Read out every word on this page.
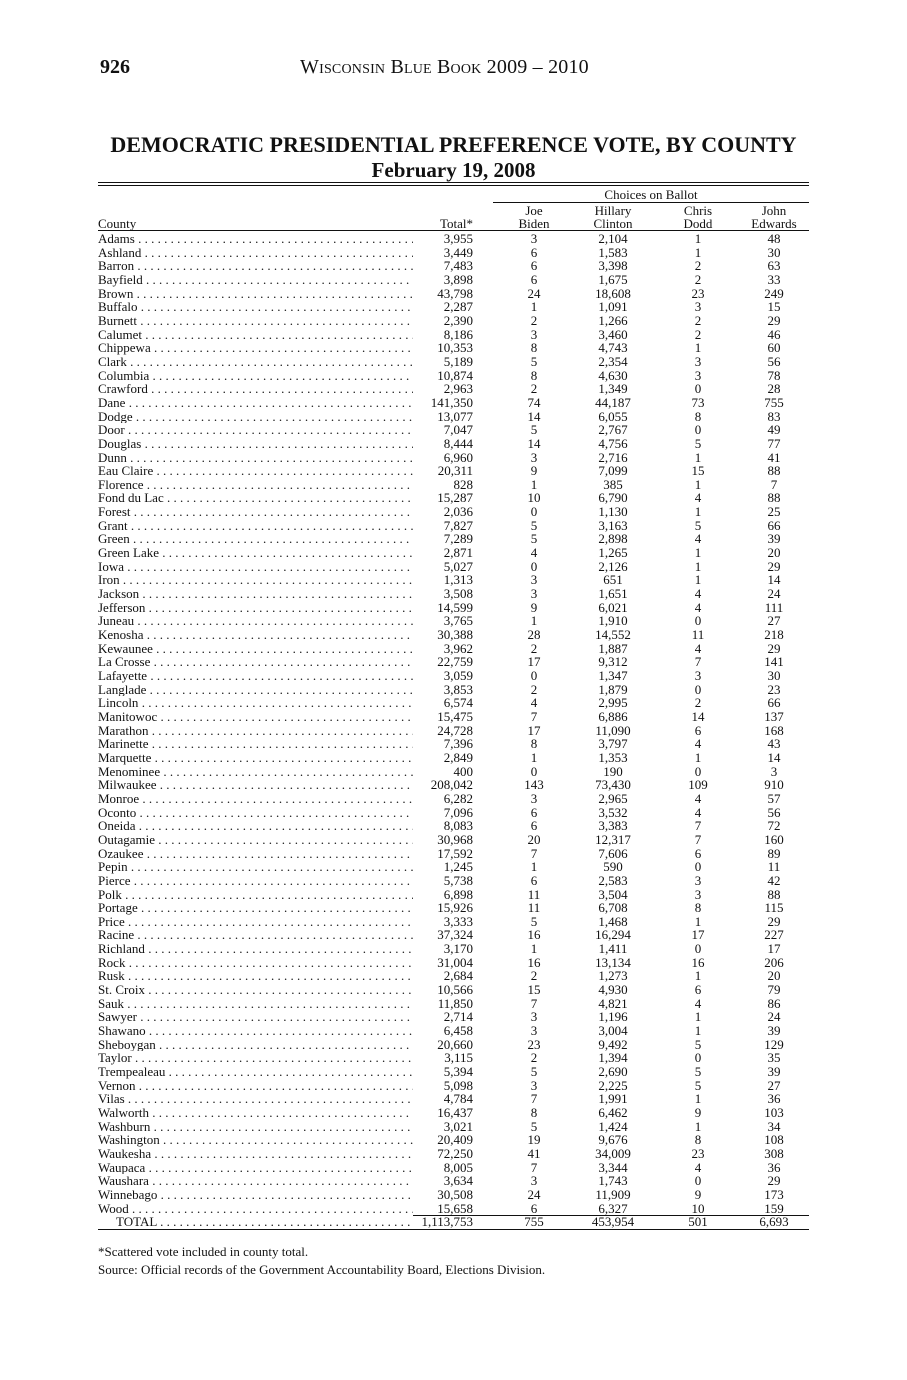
926	Wisconsin Blue Book 2009 – 2010
DEMOCRATIC PRESIDENTIAL PREFERENCE VOTE, BY COUNTY
February 19, 2008
Choices on Ballot
County	Total*
Joe
Biden
Hillary
Clinton
Chris
Dodd
John
Edwards
Adams . . .	3,955	3	2,104	1	48
Ashland . . .	3,449	6	1,583	1	30
Barron . . .	7,483	6	3,398	2	63
Bayfield . . .	3,898	6	1,675	2	33
Brown . . .	43,798	24	18,608	23	249
Buffalo . . .	2,287	1	1,091	3	15
Burnett . . .	2,390	2	1,266	2	29
Calumet . . .	8,186	3	3,460	2	46
Chippewa . . .	10,353	8	4,743	1	60
Clark . . .	5,189	5	2,354	3	56
Columbia . . .	10,874	8	4,630	3	78
Crawford . . .	2,963	2	1,349	0	28
Dane . . .	141,350	74	44,187	73	755
Dodge . . .	13,077	14	6,055	8	83
Door . . .	7,047	5	2,767	0	49
Douglas . . .	8,444	14	4,756	5	77
Dunn . . .	6,960	3	2,716	1	41
Eau Claire . . .	20,311	9	7,099	15	88
Florence . . .	828	1	385	1	7
Fond du Lac . . .	15,287	10	6,790	4	88
Forest . . .	2,036	0	1,130	1	25
Grant . . .	7,827	5	3,163	5	66
Green . . .	7,289	5	2,898	4	39
Green Lake . . .	2,871	4	1,265	1	20
Iowa . . .	5,027	0	2,126	1	29
Iron . . .	1,313	3	651	1	14
Jackson . . .	3,508	3	1,651	4	24
Jefferson . . .	14,599	9	6,021	4	111
Juneau . . .	3,765	1	1,910	0	27
Kenosha . . .	30,388	28	14,552	11	218
Kewaunee . . .	3,962	2	1,887	4	29
La Crosse . . .	22,759	17	9,312	7	141
Lafayette . . .	3,059	0	1,347	3	30
Langlade . . .	3,853	2	1,879	0	23
Lincoln . . .	6,574	4	2,995	2	66
Manitowoc . . .	15,475	7	6,886	14	137
Marathon . . .	24,728	17	11,090	6	168
Marinette . . .	7,396	8	3,797	4	43
Marquette . . .	2,849	1	1,353	1	14
Menominee . . .	400	0	190	0	3
Milwaukee . . .	208,042	143	73,430	109	910
Monroe . . .	6,282	3	2,965	4	57
Oconto . . .	7,096	6	3,532	4	56
Oneida . . .	8,083	6	3,383	7	72
Outagamie . . .	30,968	20	12,317	7	160
Ozaukee . . .	17,592	7	7,606	6	89
Pepin . . .	1,245	1	590	0	11
Pierce . . .	5,738	6	2,583	3	42
Polk . . .	6,898	11	3,504	3	88
Portage . . .	15,926	11	6,708	8	115
Price . . .	3,333	5	1,468	1	29
Racine . . .	37,324	16	16,294	17	227
Richland . . .	3,170	1	1,411	0	17
Rock . . .	31,004	16	13,134	16	206
Rusk . . .	2,684	2	1,273	1	20
St. Croix . . .	10,566	15	4,930	6	79
Sauk . . .	11,850	7	4,821	4	86
Sawyer . . .	2,714	3	1,196	1	24
Shawano . . .	6,458	3	3,004	1	39
Sheboygan . . .	20,660	23	9,492	5	129
Taylor . . .	3,115	2	1,394	0	35
Trempealeau . . .	5,394	5	2,690	5	39
Vernon . . .	5,098	3	2,225	5	27
Vilas . . .	4,784	7	1,991	1	36
Walworth . . .	16,437	8	6,462	9	103
Washburn . . .	3,021	5	1,424	1	34
Washington . . .	20,409	19	9,676	8	108
Waukesha . . .	72,250	41	34,009	23	308
Waupaca . . .	8,005	7	3,344	4	36
Waushara . . .	3,634	3	1,743	0	29
Winnebago . . .	30,508	24	11,909	9	173
Wood . . .	15,658	6	6,327	10	159
TOTAL . . .	1,113,753	755	453,954	501	6,693
*Scattered vote included in county total.
Source: Official records of the Government Accountability Board, Elections Division.
